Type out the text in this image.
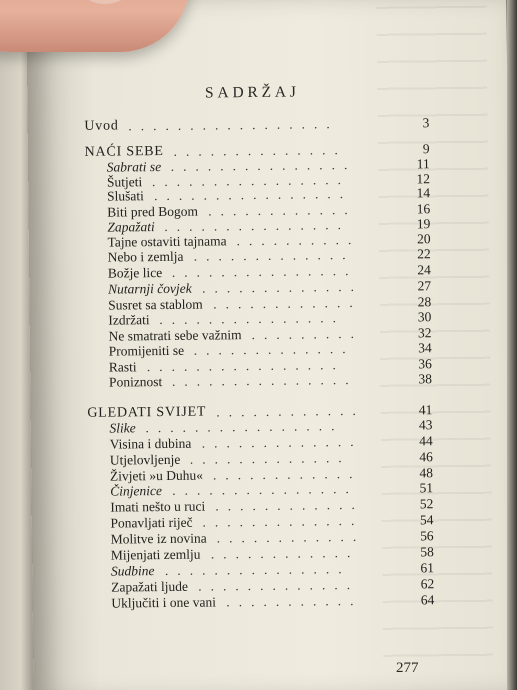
SADRŽAJ
Uvod .................	3
NAĆI SEBE ..............	9
Sabrati se ...............	11
Šutjeti ................	12
Slušati ................	14
Biti pred Bogom ............	16
Zapažati ...............	19
Tajne ostaviti tajnama ..........	20
Nebo i zemlja .............	22
Božje lice ...............	24
Nutarnji čovjek .............	27
Susret sa stablom ............	28
Izdržati ...............	30
Ne smatrati sebe važnim .........	32
Promijeniti se .............	34
Rasti ................	36
Poniznost ...............	38
GLEDATI SVIJET ............	41
Slike ................	43
Visina i dubina .............	44
Utjelovljenje .............	46
Živjeti »u Duhu« ............	48
Činjenice ...............	51
Imati nešto u ruci ............	52
Ponavljati riječ .............	54
Molitve iz novina ............	56
Mijenjati zemlju ............	58
Sudbine ...............	61
Zapažati ljude .............	62
Uključiti i one vani ...........	64
277
